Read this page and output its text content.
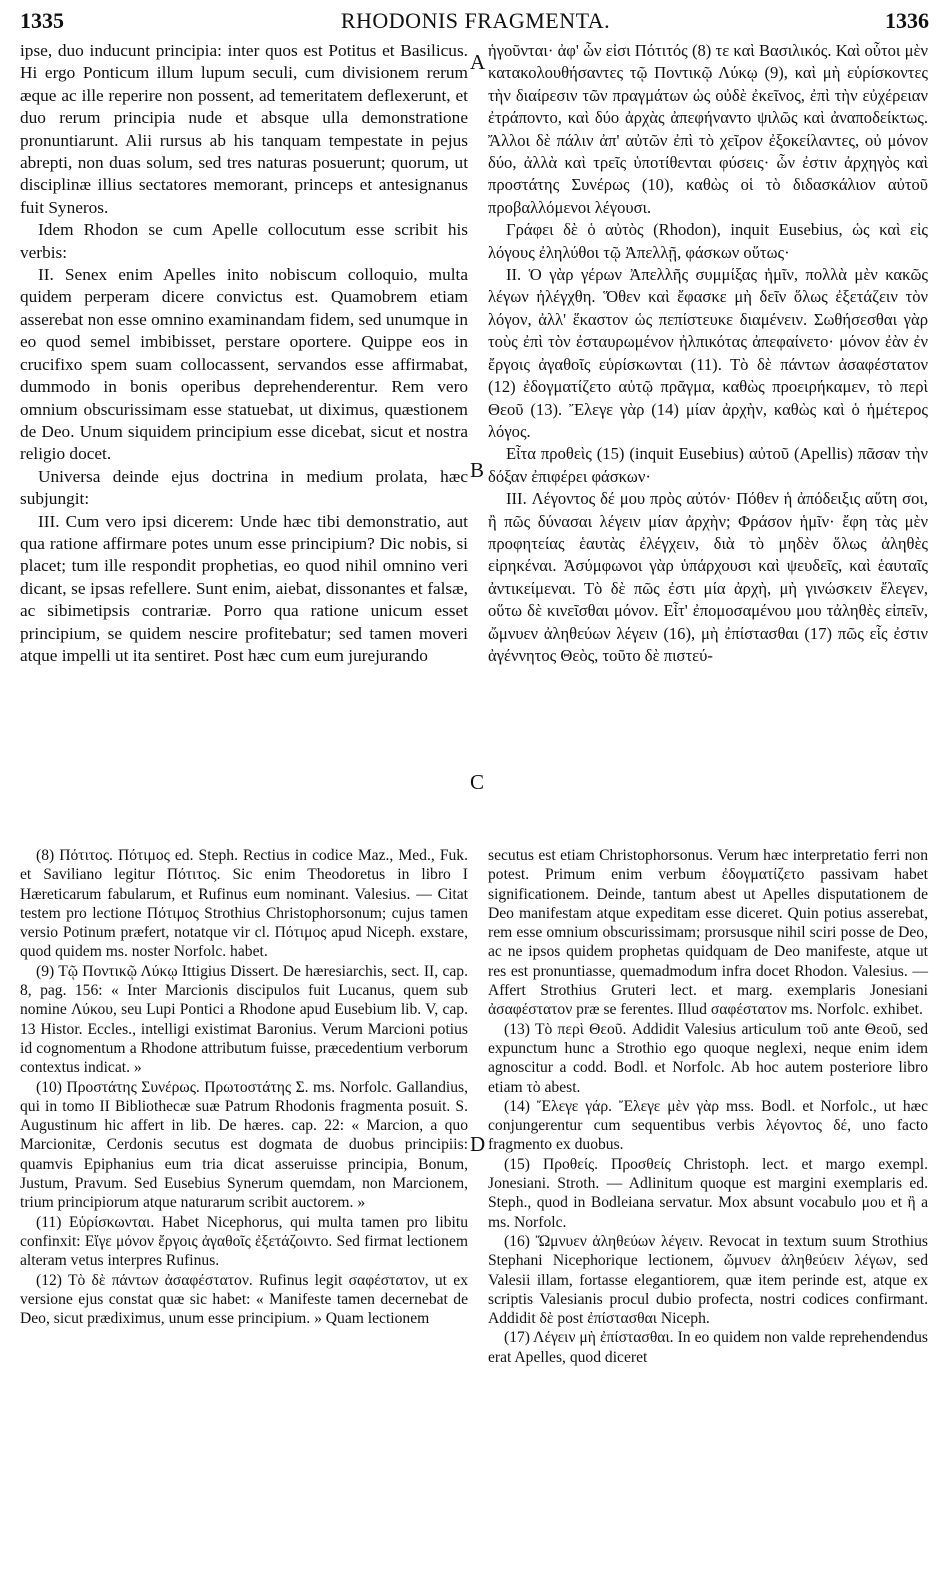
1335	RHODONIS FRAGMENTA.	1336
A
B
C
D

ipse, duo inducunt principia: inter quos est Potitus et Basilicus. Hi ergo Ponticum illum lupum seculi, cum divisionem rerum æque ac ille reperire non possent, ad temeritatem deflexerunt, et duo rerum principia nude et absque ulla demonstratione pronuntiarunt. Alii rursus ab his tanquam tempestate in pejus abrepti, non duas solum, sed tres naturas posuerunt; quorum, ut disciplinæ illius sectatores memorant, princeps et antesignanus fuit Syneros.

Idem Rhodon se cum Apelle collocutum esse scribit his verbis:

II. Senex enim Apelles inito nobiscum colloquio, multa quidem perperam dicere convictus est. Quamobrem etiam asserebat non esse omnino examinandam fidem, sed unumque in eo quod semel imbibisset, perstare oportere. Quippe eos in crucifixo spem suam collocassent, servandos esse affirmabat, dummodo in bonis operibus deprehenderentur. Rem vero omnium obscurissimam esse statuebat, ut diximus, quæstionem de Deo. Unum siquidem principium esse dicebat, sicut et nostra religio docet.

Universa deinde ejus doctrina in medium prolata, hæc subjungit:

III. Cum vero ipsi dicerem: Unde hæc tibi demonstratio, aut qua ratione affirmare potes unum esse principium? Dic nobis, si placet; tum ille respondit prophetias, eo quod nihil omnino veri dicant, se ipsas refellere. Sunt enim, aiebat, dissonantes et falsæ, ac sibimetipsis contrariæ. Porro qua ratione unicum esset principium, se quidem nescire profitebatur; sed tamen moveri atque impelli ut ita sentiret. Post hæc cum eum jurejurando

ἡγοῦνται· ἀφ' ὧν εἰσι Πότιτός (8) τε καὶ Βασιλικός. Καὶ οὗτοι μὲν κατακολουθήσαντες τῷ Ποντικῷ Λύκῳ (9), καὶ μὴ εὑρίσκοντες τὴν διαίρεσιν τῶν πραγμάτων ὡς οὐδὲ ἐκεῖνος, ἐπὶ τὴν εὐχέρειαν ἐτράποντο, καὶ δύο ἀρχὰς ἀπεφήναντο ψιλῶς καὶ ἀναποδείκτως. Ἄλλοι δὲ πάλιν ἀπ' αὐτῶν ἐπὶ τὸ χεῖρον ἐξοκείλαντες, οὐ μόνον δύο, ἀλλὰ καὶ τρεῖς ὑποτίθενται φύσεις· ὧν ἐστιν ἀρχηγὸς καὶ προστάτης Συνέρως (10), καθὼς οἱ τὸ διδασκάλιον αὐτοῦ προβαλλόμενοι λέγουσι.

Γράφει δὲ ὁ αὐτὸς (Rhodon), inquit Eusebius, ὡς καὶ εἰς λόγους ἐληλύθοι τῷ Ἀπελλῇ, φάσκων οὕτως·

II. Ὁ γὰρ γέρων Ἀπελλῆς συμμίξας ἡμῖν, πολλὰ μὲν κακῶς λέγων ἠλέγχθη. Ὅθεν καὶ ἔφασκε μὴ δεῖν ὅλως ἐξετάζειν τὸν λόγον, ἀλλ' ἕκαστον ὡς πεπίστευκε διαμένειν. Σωθήσεσθαι γὰρ τοὺς ἐπὶ τὸν ἐσταυρωμένον ἠλπικότας ἀπεφαίνετο· μόνον ἐὰν ἐν ἔργοις ἀγαθοῖς εὑρίσκωνται (11). Τὸ δὲ πάντων ἀσαφέστατον (12) ἐδογματίζετο αὐτῷ πρᾶγμα, καθὼς προειρήκαμεν, τὸ περὶ Θεοῦ (13). Ἔλεγε γὰρ (14) μίαν ἀρχὴν, καθὼς καὶ ὁ ἡμέτερος λόγος.

Εἶτα προθεὶς (15) (inquit Eusebius) αὐτοῦ (Apellis) πᾶσαν τὴν δόξαν ἐπιφέρει φάσκων·

III. Λέγοντος δέ μου πρὸς αὐτόν· Πόθεν ἡ ἀπόδειξις αὕτη σοι, ἢ πῶς δύνασαι λέγειν μίαν ἀρχὴν; Φράσον ἡμῖν· ἔφη τὰς μὲν προφητείας ἑαυτὰς ἐλέγχειν, διὰ τὸ μηδὲν ὅλως ἀληθὲς εἰρηκέναι. Ἀσύμφωνοι γὰρ ὑπάρχουσι καὶ ψευδεῖς, καὶ ἑαυταῖς ἀντικείμεναι. Τὸ δὲ πῶς ἐστι μία ἀρχὴ, μὴ γινώσκειν ἔλεγεν, οὕτω δὲ κινεῖσθαι μόνον. Εἶτ' ἐπομοσαμένου μου τἀληθὲς εἰπεῖν, ὤμνυεν ἀληθεύων λέγειν (16), μὴ ἐπίστασθαι (17) πῶς εἷς ἐστιν ἀγέννητος Θεὸς, τοῦτο δὲ πιστεύ-

(8) Πότιτος. Πότιμος ed. Steph. Rectius in codice Maz., Med., Fuk. et Saviliano legitur Πότιτος. Sic enim Theodoretus in libro I Hæreticarum fabularum, et Rufinus eum nominant. Valesius. — Citat testem pro lectione Πότιμος Strothius Christophorsonum; cujus tamen versio Potinum præfert, notatque vir cl. Πότιμος apud Niceph. exstare, quod quidem ms. noster Norfolc. habet.

(9) Τῷ Ποντικῷ Λύκῳ Ittigius Dissert. De hæresiarchis, sect. II, cap. 8, pag. 156: « Inter Marcionis discipulos fuit Lucanus, quem sub nomine Λύκου, seu Lupi Pontici a Rhodone apud Eusebium lib. V, cap. 13 Histor. Eccles., intelligi existimat Baronius. Verum Marcioni potius id cognomentum a Rhodone attributum fuisse, præcedentium verborum contextus indicat. »

(10) Προστάτης Συνέρως. Πρωτοστάτης Σ. ms. Norfolc. Gallandius, qui in tomo II Bibliothecæ suæ Patrum Rhodonis fragmenta posuit. S. Augustinum hic affert in lib. De hæres. cap. 22: « Marcion, a quo Marcionitæ, Cerdonis secutus est dogmata de duobus principiis: quamvis Epiphanius eum tria dicat asseruisse principia, Bonum, Justum, Pravum. Sed Eusebius Synerum quemdam, non Marcionem, trium principiorum atque naturarum scribit auctorem. »

(11) Εὑρίσκωνται. Habet Nicephorus, qui multa tamen pro libitu confinxit: Εἴγε μόνον ἔργοις ἀγαθοῖς ἐξετάζοιντο. Sed firmat lectionem alteram vetus interpres Rufinus.

(12) Τὸ δὲ πάντων ἀσαφέστατον. Rufinus legit σαφέστατον, ut ex versione ejus constat quæ sic habet: « Manifeste tamen decernebat de Deo, sicut prædiximus, unum esse principium. » Quam lectionem

secutus est etiam Christophorsonus. Verum hæc interpretatio ferri non potest. Primum enim verbum ἐδογματίζετο passivam habet significationem. Deinde, tantum abest ut Apelles disputationem de Deo manifestam atque expeditam esse diceret. Quin potius asserebat, rem esse omnium obscurissimam; prorsusque nihil sciri posse de Deo, ac ne ipsos quidem prophetas quidquam de Deo manifeste, atque ut res est pronuntiasse, quemadmodum infra docet Rhodon. Valesius. — Affert Strothius Gruteri lect. et marg. exemplaris Jonesiani ἀσαφέστατον præ se ferentes. Illud σαφέστατον ms. Norfolc. exhibet.

(13) Τὸ περὶ Θεοῦ. Addidit Valesius articulum τοῦ ante Θεοῦ, sed expunctum hunc a Strothio ego quoque neglexi, neque enim idem agnoscitur a codd. Bodl. et Norfolc. Ab hoc autem posteriore libro etiam τὸ abest.

(14) Ἔλεγε γάρ. Ἔλεγε μὲν γὰρ mss. Bodl. et Norfolc., ut hæc conjungerentur cum sequentibus verbis λέγοντος δέ, uno facto fragmento ex duobus.

(15) Προθείς. Προσθείς Christoph. lect. et margo exempl. Jonesiani. Stroth. — Adlinitum quoque est margini exemplaris ed. Steph., quod in Bodleiana servatur. Mox absunt vocabulo μου et ἢ a ms. Norfolc.

(16) Ὤμνυεν ἀληθεύων λέγειν. Revocat in textum suum Strothius Stephani Nicephorique lectionem, ὤμνυεν ἀληθεύειν λέγων, sed Valesii illam, fortasse elegantiorem, quæ item perinde est, atque ex scriptis Valesianis procul dubio profecta, nostri codices confirmant. Addidit δὲ post ἐπίστασθαι Niceph.

(17) Λέγειν μὴ ἐπίστασθαι. In eo quidem non valde reprehendendus erat Apelles, quod diceret
